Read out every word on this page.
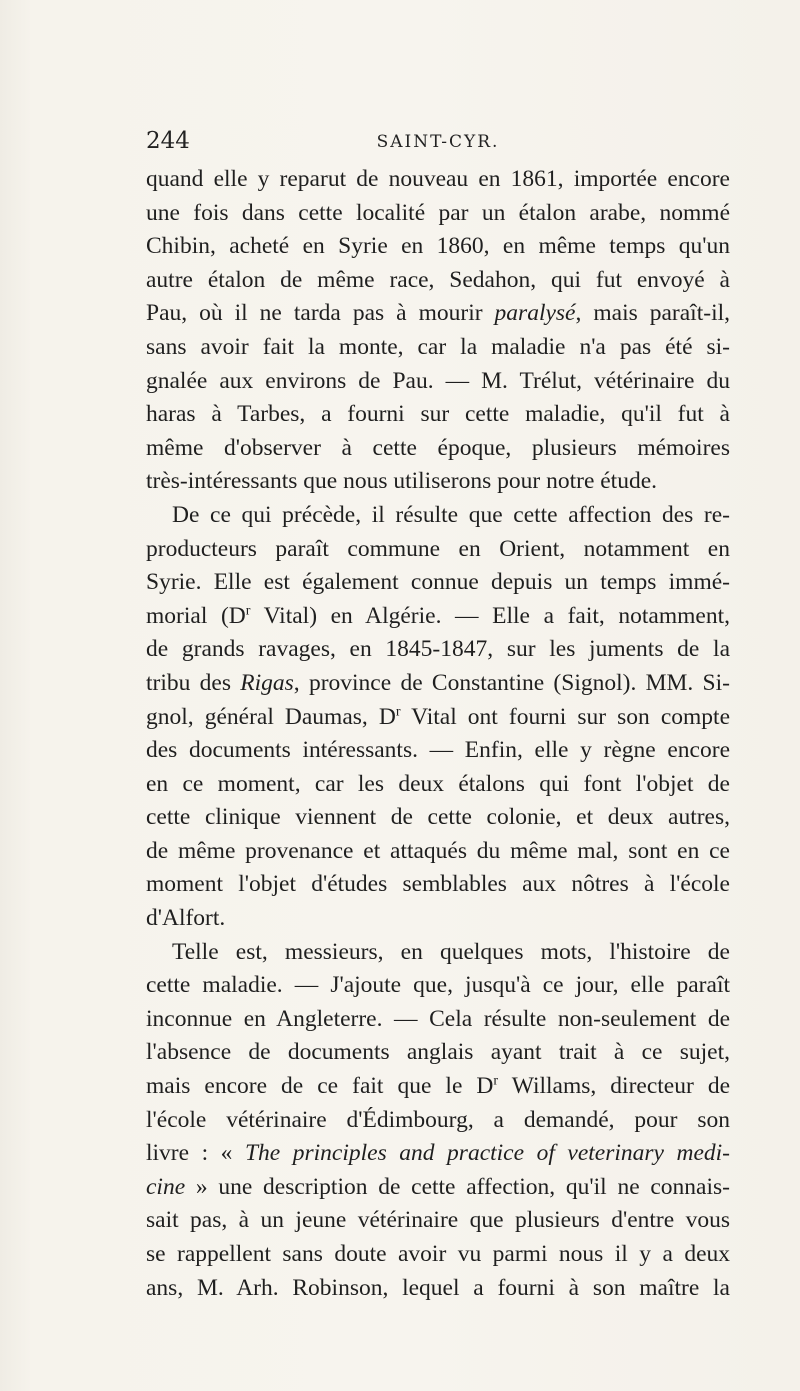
244	SAINT-CYR.
quand elle y reparut de nouveau en 1861, importée encore
une fois dans cette localité par un étalon arabe, nommé
Chibin, acheté en Syrie en 1860, en même temps qu'un
autre étalon de même race, Sedahon, qui fut envoyé à
Pau, où il ne tarda pas à mourir paralysé, mais paraît-il,
sans avoir fait la monte, car la maladie n'a pas été si-
gnalée aux environs de Pau. — M. Trélut, vétérinaire du
haras à Tarbes, a fourni sur cette maladie, qu'il fut à
même d'observer à cette époque, plusieurs mémoires
très-intéressants que nous utiliserons pour notre étude.
De ce qui précède, il résulte que cette affection des re-
producteurs paraît commune en Orient, notamment en
Syrie. Elle est également connue depuis un temps immé-
morial ($D^r$ Vital) en Algérie. — Elle a fait, notamment,
de grands ravages, en 1845-1847, sur les juments de la
tribu des Rigas, province de Constantine (Signol). MM. Si-
gnol, général Daumas, $D^r$ Vital ont fourni sur son compte
des documents intéressants. — Enfin, elle y règne encore
en ce moment, car les deux étalons qui font l'objet de
cette clinique viennent de cette colonie, et deux autres,
de même provenance et attaqués du même mal, sont en ce
moment l'objet d'études semblables aux nôtres à l'école
d'Alfort.
Telle est, messieurs, en quelques mots, l'histoire de
cette maladie. — J'ajoute que, jusqu'à ce jour, elle paraît
inconnue en Angleterre. — Cela résulte non-seulement de
l'absence de documents anglais ayant trait à ce sujet,
mais encore de ce fait que le $D^r$ Willams, directeur de
l'école vétérinaire d'Édimbourg, a demandé, pour son
livre : « The principles and practice of veterinary medi-
cine » une description de cette affection, qu'il ne connais-
sait pas, à un jeune vétérinaire que plusieurs d'entre vous
se rappellent sans doute avoir vu parmi nous il y a deux
ans, M. Arh. Robinson, lequel a fourni à son maître la
